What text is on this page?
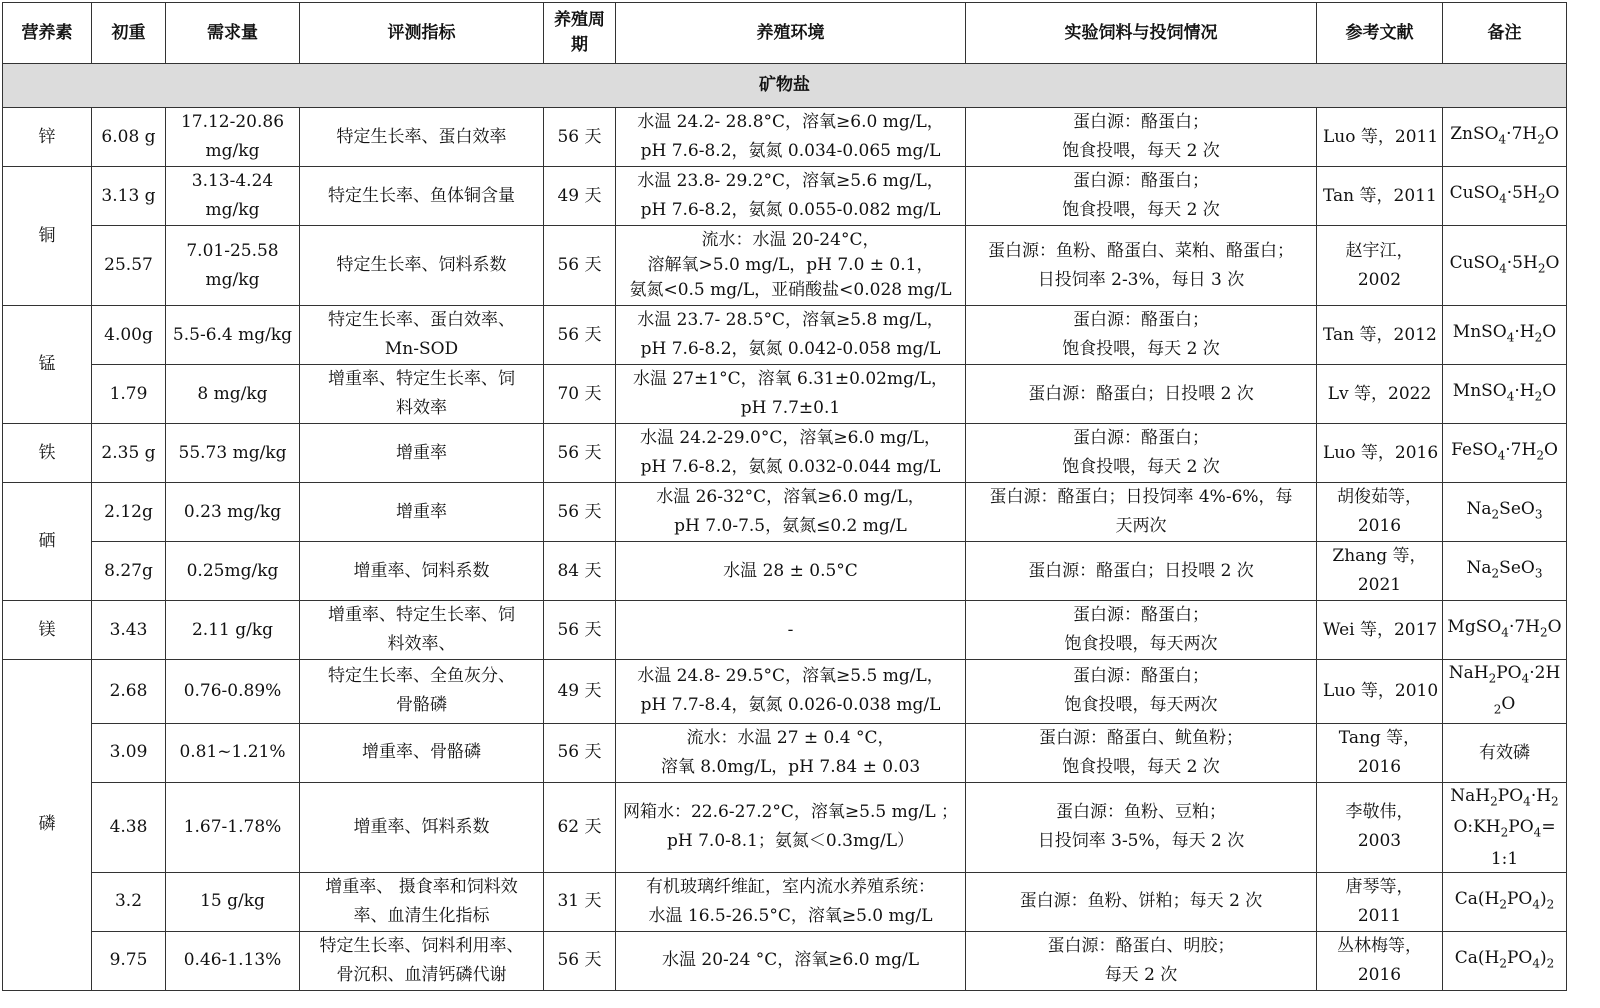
营养素	初重	需求量	评测指标	养殖周期	养殖环境	实验饲料与投饲情况	参考文献	备注
矿物盐								
锌	6.08 g	17.12-20.86
mg/kg	特定生长率、蛋白效率	56 天	水温 24.2- 28.8°C，溶氧≥6.0 mg/L，
pH 7.6-8.2，氨氮 0.034-0.065 mg/L	蛋白源：酪蛋白；
饱食投喂，每天 2 次	Luo 等，2011	$ZnSO_4\cdot 7H_2O$
铜	3.13 g	3.13-4.24
mg/kg	特定生长率、鱼体铜含量	49 天	水温 23.8- 29.2°C，溶氧≥5.6 mg/L，
pH 7.6-8.2，氨氮 0.055-0.082 mg/L	蛋白源：酪蛋白；
饱食投喂，每天 2 次	Tan 等，2011	$CuSO_4\cdot 5H_2O$
	25.57	7.01-25.58
mg/kg	特定生长率、饲料系数	56 天	流水：水温 20-24°C，
溶解氧>5.0 mg/L，pH 7.0 ± 0.1，
氨氮<0.5 mg/L，亚硝酸盐<0.028 mg/L	蛋白源：鱼粉、酪蛋白、菜粕、酪蛋白；
日投饲率 2-3%，每日 3 次	赵宇江，
2002	$CuSO_4\cdot 5H_2O$
锰	4.00g	5.5-6.4 mg/kg	特定生长率、蛋白效率、
Mn-SOD	56 天	水温 23.7- 28.5°C，溶氧≥5.8 mg/L，
pH 7.6-8.2，氨氮 0.042-0.058 mg/L	蛋白源：酪蛋白；
饱食投喂，每天 2 次	Tan 等，2012	$MnSO_4\cdot H_2O$
	1.79	8 mg/kg	增重率、特定生长率、饲
料效率	70 天	水温 27±1°C，溶氧 6.31±0.02mg/L，
pH 7.7±0.1	蛋白源：酪蛋白；日投喂 2 次	Lv 等，2022	$MnSO_4\cdot H_2O$
铁	2.35 g	55.73 mg/kg	增重率	56 天	水温 24.2-29.0°C，溶氧≥6.0 mg/L，
pH 7.6-8.2，氨氮 0.032-0.044 mg/L	蛋白源：酪蛋白；
饱食投喂，每天 2 次	Luo 等，2016	$FeSO_4\cdot 7H_2O$
硒	2.12g	0.23 mg/kg	增重率	56 天	水温 26-32°C，溶氧≥6.0 mg/L，
pH 7.0-7.5，氨氮≤0.2 mg/L	蛋白源：酪蛋白；日投饲率 4%-6%，每
天两次	胡俊茹等，
2016	$Na_2SeO_3$
	8.27g	0.25mg/kg	增重率、饲料系数	84 天	水温 28 ± 0.5°C	蛋白源：酪蛋白；日投喂 2 次	Zhang 等，
2021	$Na_2SeO_3$
镁	3.43	2.11 g/kg	增重率、特定生长率、饲
料效率、	56 天	-	蛋白源：酪蛋白；
饱食投喂，每天两次	Wei 等，2017	$MgSO_4\cdot 7H_2O$
磷	2.68	0.76-0.89%	特定生长率、全鱼灰分、
骨骼磷	49 天	水温 24.8- 29.5°C，溶氧≥5.5 mg/L，
pH 7.7-8.4，氨氮 0.026-0.038 mg/L	蛋白源：酪蛋白；
饱食投喂，每天两次	Luo 等，2010	$NaH_2PO_4\cdot 2H_2O$
	3.09	0.81~1.21%	增重率、骨骼磷	56 天	流水：水温 27 ± 0.4 °C，
溶氧 8.0mg/L，pH 7.84 ± 0.03	蛋白源：酪蛋白、鱿鱼粉；
饱食投喂，每天 2 次	Tang 等，
2016	有效磷
	4.38	1.67-1.78%	增重率、饵料系数	62 天	网箱水：22.6-27.2°C，溶氧≥5.5 mg/L ；
pH 7.0-8.1；氨氮＜0.3mg/L）	蛋白源：鱼粉、豆粕；
日投饲率 3-5%，每天 2 次	李敬伟，
2003	$NaH_2PO_4\cdot H_2O:KH_2PO_4=1:1$
	3.2	15 g/kg	增重率、 摄食率和饲料效
率、血清生化指标	31 天	有机玻璃纤维缸，室内流水养殖系统：
水温 16.5-26.5°C，溶氧≥5.0 mg/L	蛋白源：鱼粉、饼粕；每天 2 次	唐琴等，
2011	$Ca(H_2PO_4)_2$
	9.75	0.46-1.13%	特定生长率、饲料利用率、
骨沉积、血清钙磷代谢	56 天	水温 20-24 °C，溶氧≥6.0 mg/L	蛋白源：酪蛋白、明胶；
每天 2 次	丛林梅等，
2016	$Ca(H_2PO_4)_2$
